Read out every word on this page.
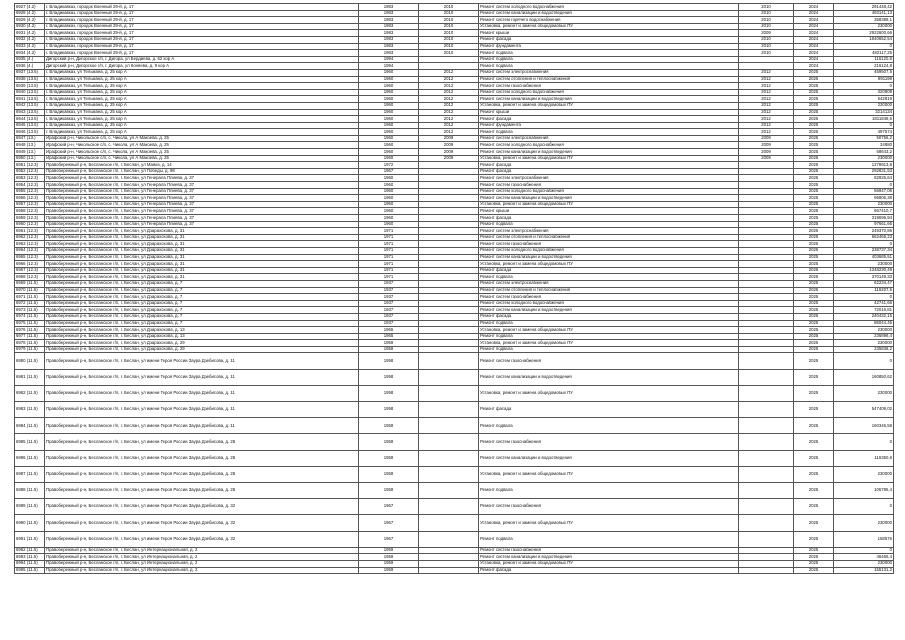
6927 (4.2)	г. Владикавказ, городок Военный 29-й, д. 17	1983	2010	Ремонт систем холодного водоснабжения	2010	2024	291448,42
6928 (4.2)	г. Владикавказ, городок Военный 29-й, д. 17	1983	2010	Ремонт систем канализации и водоотведения	2010	2024	493141,13
6929 (4.2)	г. Владикавказ, городок Военный 29-й, д. 17	1983	2010	Ремонт систем горячего водоснабжения	2010	2024	358389,1
6930 (4.2)	г. Владикавказ, городок Военный 29-й, д. 17	1983	2010	Установка, ремонт и замена общедомовых ПУ	2010	2024	230000
6931 (4.2)	г. Владикавказ, городок Военный 29-й, д. 17	1983	2010	Ремонт крыши	2009	2024	2922600,66
6932 (4.2)	г. Владикавказ, городок Военный 29-й, д. 17	1983	2010	Ремонт фасада	2010	2024	1840652,54
6933 (4.2)	г. Владикавказ, городок Военный 29-й, д. 17	1983	2010	Ремонт фундамента	2010	2024	0
6934 (4.2)	г. Владикавказ, городок Военный 29-й, д. 17	1983	2010	Ремонт подвала	2010	2024	482117,25
6935 (4.)	Дигорский р-н, Дигорское г/п, г. Дигора, ул Бердиева, д. 62 кор А	1994		Ремонт подвала		2024	116120,8
6936 (4.)	Дигорский р-н, Дигорское г/п, г. Дигора, ул Коняева, д. 9 кор А	1994		Ремонт подвала		2024	216124,8
6937 (13.5)	г. Владикавказ, ул Тельмана, д. 25 кор А	1960	2012	Ремонт систем электроснабжения	2012	2025	469507,5
6938 (13.5)	г. Владикавказ, ул Тельмана, д. 25 кор А	1960	2012	Ремонт систем отопления и теплоснабжения	2012	2025	891198
6939 (13.5)	г. Владикавказ, ул Тельмана, д. 25 кор А	1960	2012	Ремонт систем газоснабжения	2012	2025	0
6940 (13.5)	г. Владикавказ, ул Тельмана, д. 25 кор А	1960	2012	Ремонт систем холодного водоснабжения	2012	2025	320809
6941 (13.5)	г. Владикавказ, ул Тельмана, д. 25 кор А	1960	2012	Ремонт систем канализации и водоотведения	2012	2025	542819
6942 (13.5)	г. Владикавказ, ул Тельмана, д. 25 кор А	1960	2012	Установка, ремонт и замена общедомовых ПУ	2012	2025	230000
6943 (13.5)	г. Владикавказ, ул Тельмана, д. 25 кор А	1960	2012	Ремонт крыши	2012	2025	3214134
6944 (13.5)	г. Владикавказ, ул Тельмана, д. 25 кор А	1960	2012	Ремонт фасада	2012	2025	1811848,5
6945 (13.5)	г. Владикавказ, ул Тельмана, д. 25 кор А	1960	2012	Ремонт фундамента	2012	2025	0
6946 (13.5)	г. Владикавказ, ул Тельмана, д. 25 кор А	1960	2012	Ремонт подвала	2012	2025	497574
6947 (13.)	Ирафский р-н, Чикольское с/п, с. Чикола, ул А Макоева, д. 25	1960	2009	Ремонт систем электроснабжения	2009	2025	50756,2
6948 (13.)	Ирафский р-н, Чикольское с/п, с. Чикола, ул А Макоева, д. 25	1960	2009	Ремонт систем холодного водоснабжения	2009	2025	34880
6949 (13.)	Ирафский р-н, Чикольское с/п, с. Чикола, ул А Макоева, д. 25	1960	2009	Ремонт систем канализации и водоотведения	2009	2025	58643,2
6950 (13.)	Ирафский р-н, Чикольское с/п, с. Чикола, ул А Макоева, д. 25	1960	2009	Установка, ремонт и замена общедомовых ПУ	2009	2025	230000
6951 (12.3)	Правобережный р-н, Бесланское г/п, г. Беслан, ул Маяка, д. 14	1972		Ремонт фасада		2025	1278913,8
6952 (12.3)	Правобережный р-н, Бесланское г/п, г. Беслан, ул Победы, д. 98	1967		Ремонт фасада		2025	292831,53
6953 (12.3)	Правобережный р-н, Бесланское г/п, г. Беслан, ул Генерала Плиева, д. 37	1960		Ремонт систем электроснабжения		2025	82925,64
6954 (12.3)	Правобережный р-н, Бесланское г/п, г. Беслан, ул Генерала Плиева, д. 37	1960		Ремонт систем газоснабжения		2025	0
6955 (12.3)	Правобережный р-н, Бесланское г/п, г. Беслан, ул Генерала Плиева, д. 37	1960		Ремонт систем холодного водоснабжения		2025	56947,06
6956 (12.3)	Правобережный р-н, Бесланское г/п, г. Беслан, ул Генерала Плиева, д. 37	1960		Ремонт систем канализации и водоотведения		2025	95806,38
6957 (12.3)	Правобережный р-н, Бесланское г/п, г. Беслан, ул Генерала Плиева, д. 37	1960		Установка, ремонт и замена общедомовых ПУ		2025	230000
6958 (12.3)	Правобережный р-н, Бесланское г/п, г. Беслан, ул Генерала Плиева, д. 37	1960		Ремонт крыши		2025	667410,7
6959 (12.3)	Правобережный р-н, Бесланское г/п, г. Беслан, ул Генерала Плиева, д. 37	1960		Ремонт фасада		2025	319696,94
6960 (12.3)	Правобережный р-н, Бесланское г/п, г. Беслан, ул Генерала Плиева, д. 37	1960		Ремонт подвала		2025	97661,66
6961 (12.3)	Правобережный р-н, Бесланское г/п, г. Беслан, ул Дзарахохова, д. 31	1971		Ремонт систем электроснабжения		2025	249370,86
6962 (12.3)	Правобережный р-н, Бесланское г/п, г. Беслан, ул Дзарахохова, д. 31	1971		Ремонт систем отопления и теплоснабжения		2025	662469,23
6963 (12.3)	Правобережный р-н, Бесланское г/п, г. Беслан, ул Дзарахохова, д. 31	1971		Ремонт систем газоснабжения		2025	0
6964 (12.3)	Правобережный р-н, Бесланское г/п, г. Беслан, ул Дзарахохова, д. 31	1971		Ремонт систем холодного водоснабжения		2025	238737,34
6965 (12.3)	Правобережный р-н, Бесланское г/п, г. Беслан, ул Дзарахохова, д. 31	1971		Ремонт систем канализации и водоотведения		2025	403685,51
6966 (12.3)	Правобережный р-н, Бесланское г/п, г. Беслан, ул Дзарахохова, д. 31	1971		Установка, ремонт и замена общедомовых ПУ		2025	230000
6967 (12.3)	Правобережный р-н, Бесланское г/п, г. Беслан, ул Дзарахохова, д. 31	1971		Ремонт фасада		2025	1348230,49
6968 (12.3)	Правобережный р-н, Бесланское г/п, г. Беслан, ул Дзарахохова, д. 31	1971		Ремонт подвала		2025	370149,33
6969 (11.5)	Правобережный р-н, Бесланское г/п, г. Беслан, ул Дзарахохова, д. 7	1937		Ремонт систем электроснабжения		2025	62234,47
6970 (11.5)	Правобережный р-н, Бесланское г/п, г. Беслан, ул Дзарахохова, д. 7	1937		Ремонт систем отопления и теплоснабжения		2025	116207,5
6971 (11.5)	Правобережный р-н, Бесланское г/п, г. Беслан, ул Дзарахохова, д. 7	1937		Ремонт систем газоснабжения		2025	0
6972 (11.5)	Правобережный р-н, Бесланское г/п, г. Беслан, ул Дзарахохова, д. 7	1937		Ремонт систем холодного водоснабжения		2025	42741,66
6973 (11.5)	Правобережный р-н, Бесланское г/п, г. Беслан, ул Дзарахохова, д. 7	1937		Ремонт систем канализации и водоотведения		2025	72016,81
6974 (11.5)	Правобережный р-н, Бесланское г/п, г. Беслан, ул Дзарахохова, д. 7	1937		Ремонт фасада		2025	240432,15
6975 (11.5)	Правобережный р-н, Бесланское г/п, г. Беслан, ул Дзарахохова, д. 7	1937		Ремонт подвала		2025	86044,45
6976 (11.5)	Правобережный р-н, Бесланское г/п, г. Беслан, ул Дзарахохова, д. 13	1965		Установка, ремонт и замена общедомовых ПУ		2025	230000
6977 (11.5)	Правобережный р-н, Бесланское г/п, г. Беслан, ул Дзарахохова, д. 13	1965		Ремонт подвала		2025	236898,4
6978 (11.5)	Правобережный р-н, Бесланское г/п, г. Беслан, ул Дзарахохова, д. 29	1959		Установка, ремонт и замена общедомовых ПУ		2025	230000
6979 (11.5)	Правобережный р-н, Бесланское г/п, г. Беслан, ул Дзарахохова, д. 29	1959		Ремонт подвала		2025	235838,2
6980 (11.5)	Правобережный р-н, Бесланское г/п, г. Беслан, ул имени Героя России Заура Дзебисова, д. 11	1958		Ремонт систем газоснабжения		2025	0
6981 (11.5)	Правобережный р-н, Бесланское г/п, г. Беслан, ул имени Героя России Заура Дзебисова, д. 11	1958		Ремонт систем канализации и водоотведения		2025	160850,62
6982 (11.5)	Правобережный р-н, Бесланское г/п, г. Беслан, ул имени Героя России Заура Дзебисова, д. 11	1958		Установка, ремонт и замена общедомовых ПУ		2025	230000
6983 (11.5)	Правобережный р-н, Бесланское г/п, г. Беслан, ул имени Героя России Заура Дзебисова, д. 11	1958		Ремонт фасада		2025	547409,02
6984 (11.5)	Правобережный р-н, Бесланское г/п, г. Беслан, ул имени Героя России Заура Дзебисова, д. 11	1958		Ремонт подвала		2025	160346,58
6985 (11.5)	Правобережный р-н, Бесланское г/п, г. Беслан, ул имени Героя России Заура Дзебисова, д. 28	1958		Ремонт систем газоснабжения		2025	0
6986 (11.5)	Правобережный р-н, Бесланское г/п, г. Беслан, ул имени Героя России Заура Дзебисова, д. 28	1958		Ремонт систем канализации и водоотведения		2025	116350,6
6987 (11.5)	Правобережный р-н, Бесланское г/п, г. Беслан, ул имени Героя России Заура Дзебисова, д. 28	1958		Установка, ремонт и замена общедомовых ПУ		2025	230000
6988 (11.5)	Правобережный р-н, Бесланское г/п, г. Беслан, ул имени Героя России Заура Дзебисова, д. 28	1958		Ремонт подвала		2025	106785,4
6989 (11.5)	Правобережный р-н, Бесланское г/п, г. Беслан, ул имени Героя России Заура Дзебисова, д. 32	1967		Ремонт систем газоснабжения		2025	0
6990 (11.5)	Правобережный р-н, Бесланское г/п, г. Беслан, ул имени Героя России Заура Дзебисова, д. 32	1967		Установка, ремонт и замена общедомовых ПУ		2025	230000
6991 (11.5)	Правобережный р-н, Бесланское г/п, г. Беслан, ул имени Героя России Заура Дзебисова, д. 32	1967		Ремонт подвала		2025	158576
6992 (11.5)	Правобережный р-н, Бесланское г/п, г. Беслан, ул Интернациональная, д. 2	1959		Ремонт систем газоснабжения		2025	0
6993 (11.5)	Правобережный р-н, Бесланское г/п, г. Беслан, ул Интернациональная, д. 2	1959		Ремонт систем канализации и водоотведения		2025	46465,4
6994 (11.5)	Правобережный р-н, Бесланское г/п, г. Беслан, ул Интернациональная, д. 2	1959		Установка, ремонт и замена общедомовых ПУ		2025	230000
6995 (11.5)	Правобережный р-н, Бесланское г/п, г. Беслан, ул Интернациональная, д. 2	1959		Ремонт фасада		2025	155131,2
